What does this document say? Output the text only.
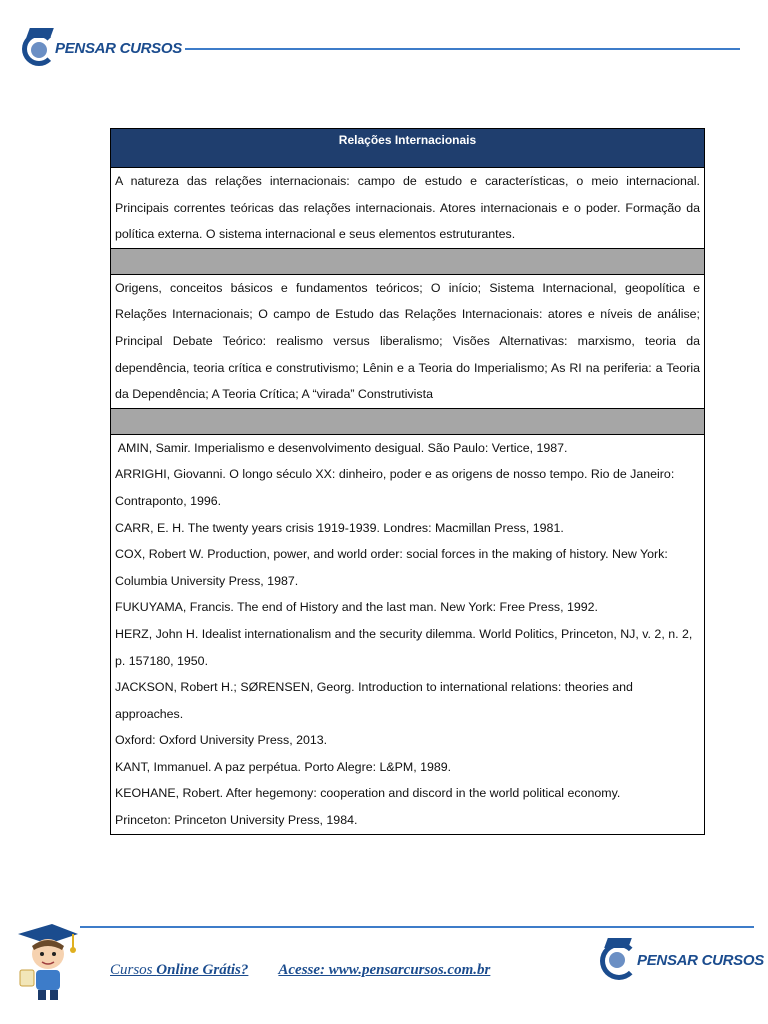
PENSAR CURSOS
Relações Internacionais
A natureza das relações internacionais: campo de estudo e características, o meio internacional. Principais correntes teóricas das relações internacionais. Atores internacionais e o poder. Formação da política externa. O sistema internacional e seus elementos estruturantes.

Origens, conceitos básicos e fundamentos teóricos; O início; Sistema Internacional, geopolítica e Relações Internacionais; O campo de Estudo das Relações Internacionais: atores e níveis de análise; Principal Debate Teórico: realismo versus liberalismo; Visões Alternativas: marxismo, teoria da dependência, teoria crítica e construtivismo; Lênin e a Teoria do Imperialismo; As RI na periferia: a Teoria da Dependência; A Teoria Crítica; A “virada” Construtivista

AMIN, Samir. Imperialismo e desenvolvimento desigual. São Paulo: Vertice, 1987.
ARRIGHI, Giovanni. O longo século XX: dinheiro, poder e as origens de nosso tempo. Rio de Janeiro: Contraponto, 1996.
CARR, E. H. The twenty years crisis 1919-1939. Londres: Macmillan Press, 1981.
COX, Robert W. Production, power, and world order: social forces in the making of history. New York: Columbia University Press, 1987.
FUKUYAMA, Francis. The end of History and the last man. New York: Free Press, 1992.
HERZ, John H. Idealist internationalism and the security dilemma. World Politics, Princeton, NJ, v. 2, n. 2, p. 157180, 1950.
JACKSON, Robert H.; SØRENSEN, Georg. Introduction to international relations: theories and approaches.
Oxford: Oxford University Press, 2013.
KANT, Immanuel. A paz perpétua. Porto Alegre: L&PM, 1989.
KEOHANE, Robert. After hegemony: cooperation and discord in the world political economy.
Princeton: Princeton University Press, 1984.
Cursos Online Grátis? Acesse: www.pensarcursos.com.br
PENSAR CURSOS
